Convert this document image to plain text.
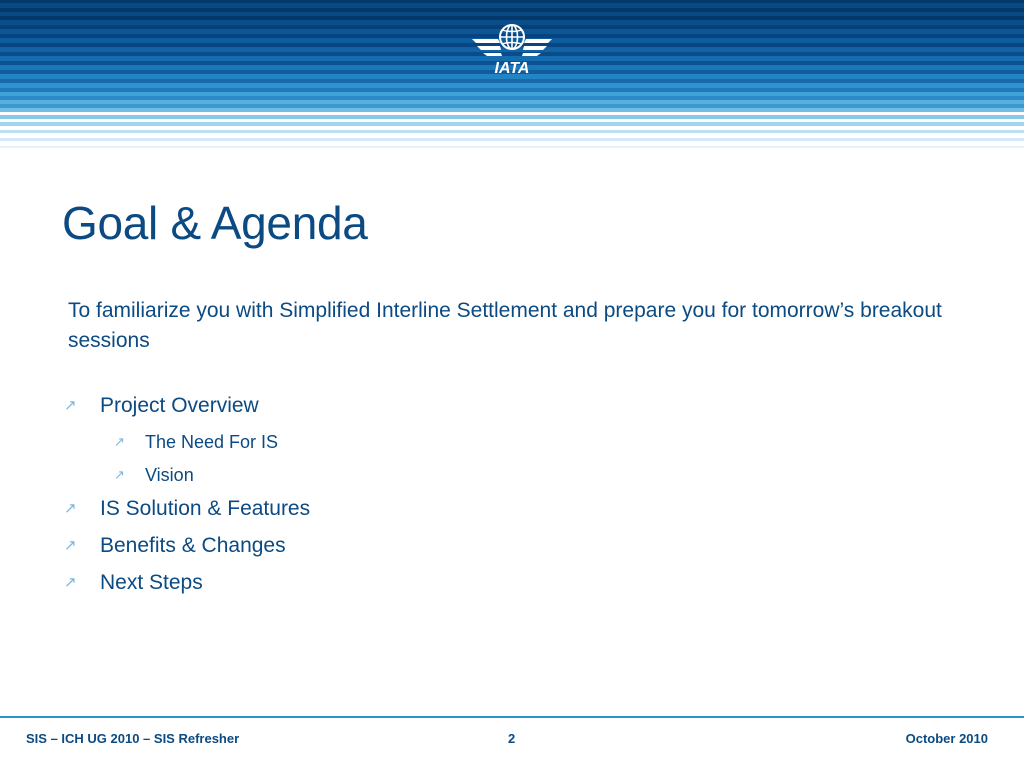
IATA
Goal & Agenda
To familiarize you with Simplified Interline Settlement and prepare you for tomorrow’s breakout sessions
↗ Project Overview
↗ The Need For IS
↗ Vision
↗ IS Solution & Features
↗ Benefits & Changes
↗ Next Steps
SIS – ICH UG 2010 – SIS Refresher	2	October 2010
